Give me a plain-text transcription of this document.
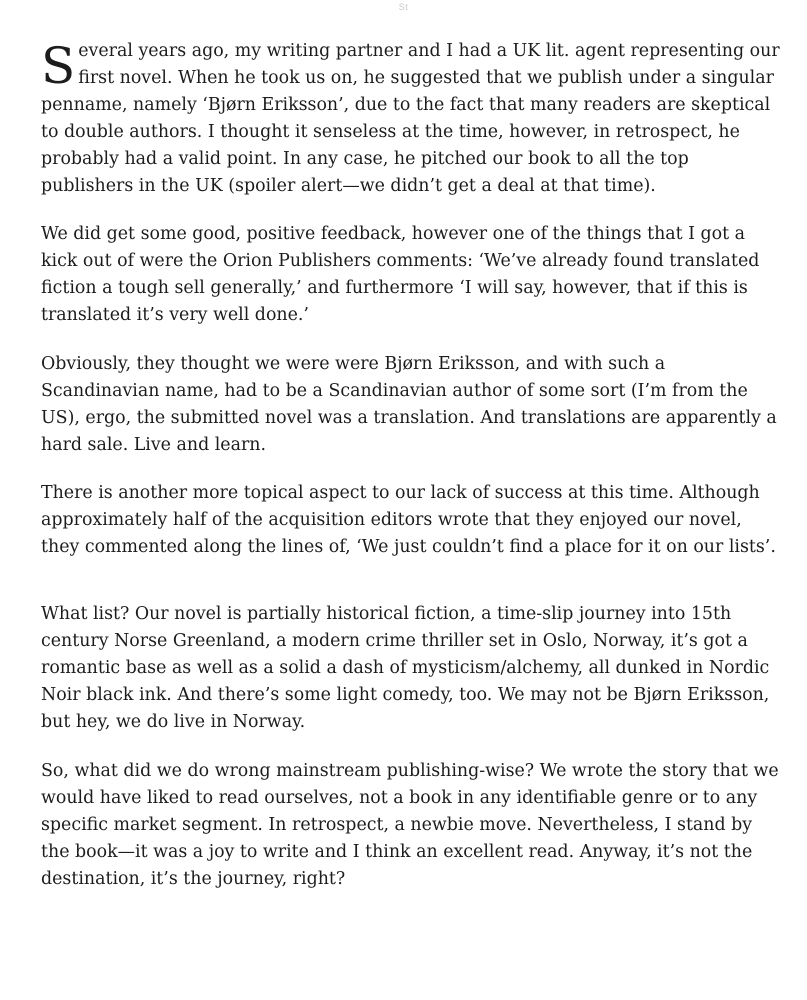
St

Several years ago, my writing partner and I had a UK lit. agent representing our first novel. When he took us on, he suggested that we publish under a singular penname, namely ‘Bjørn Eriksson’, due to the fact that many readers are skeptical to double authors. I thought it senseless at the time, however, in retrospect, he probably had a valid point. In any case, he pitched our book to all the top publishers in the UK (spoiler alert—we didn’t get a deal at that time).

We did get some good, positive feedback, however one of the things that I got a kick out of were the Orion Publishers comments: ‘We’ve already found translated fiction a tough sell generally,’ and furthermore ‘I will say, however, that if this is translated it’s very well done.’

Obviously, they thought we were were Bjørn Eriksson, and with such a Scandinavian name, had to be a Scandinavian author of some sort (I’m from the US), ergo, the submitted novel was a translation. And translations are apparently a hard sale. Live and learn.

There is another more topical aspect to our lack of success at this time. Although approximately half of the acquisition editors wrote that they enjoyed our novel, they commented along the lines of, ‘We just couldn’t find a place for it on our lists’.

What list? Our novel is partially historical fiction, a time-slip journey into 15th century Norse Greenland, a modern crime thriller set in Oslo, Norway, it’s got a romantic base as well as a solid a dash of mysticism/alchemy, all dunked in Nordic Noir black ink. And there’s some light comedy, too. We may not be Bjørn Eriksson, but hey, we do live in Norway.

So, what did we do wrong mainstream publishing-wise? We wrote the story that we would have liked to read ourselves, not a book in any identifiable genre or to any specific market segment. In retrospect, a newbie move. Nevertheless, I stand by the book—it was a joy to write and I think an excellent read. Anyway, it’s not the destination, it’s the journey, right?
